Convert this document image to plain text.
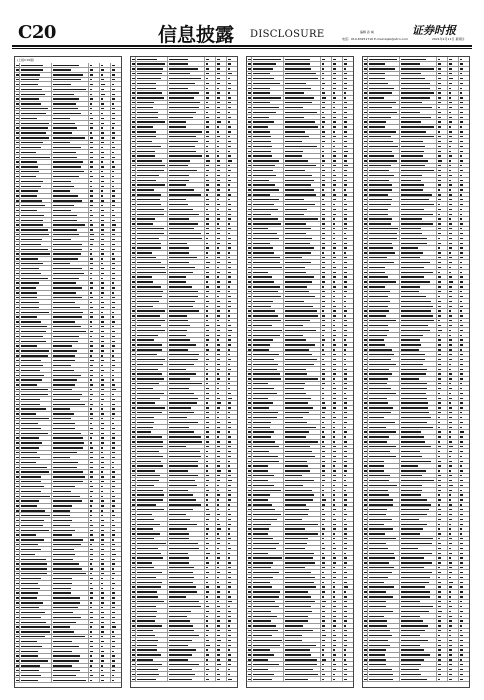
C20	信息披露 DISCLOSURE	编辑 孙 威
电话：010-83251716 E-mail:zqsb@stcn.com
证券时报
2021年2月11日 星期四
(上接C19版)
